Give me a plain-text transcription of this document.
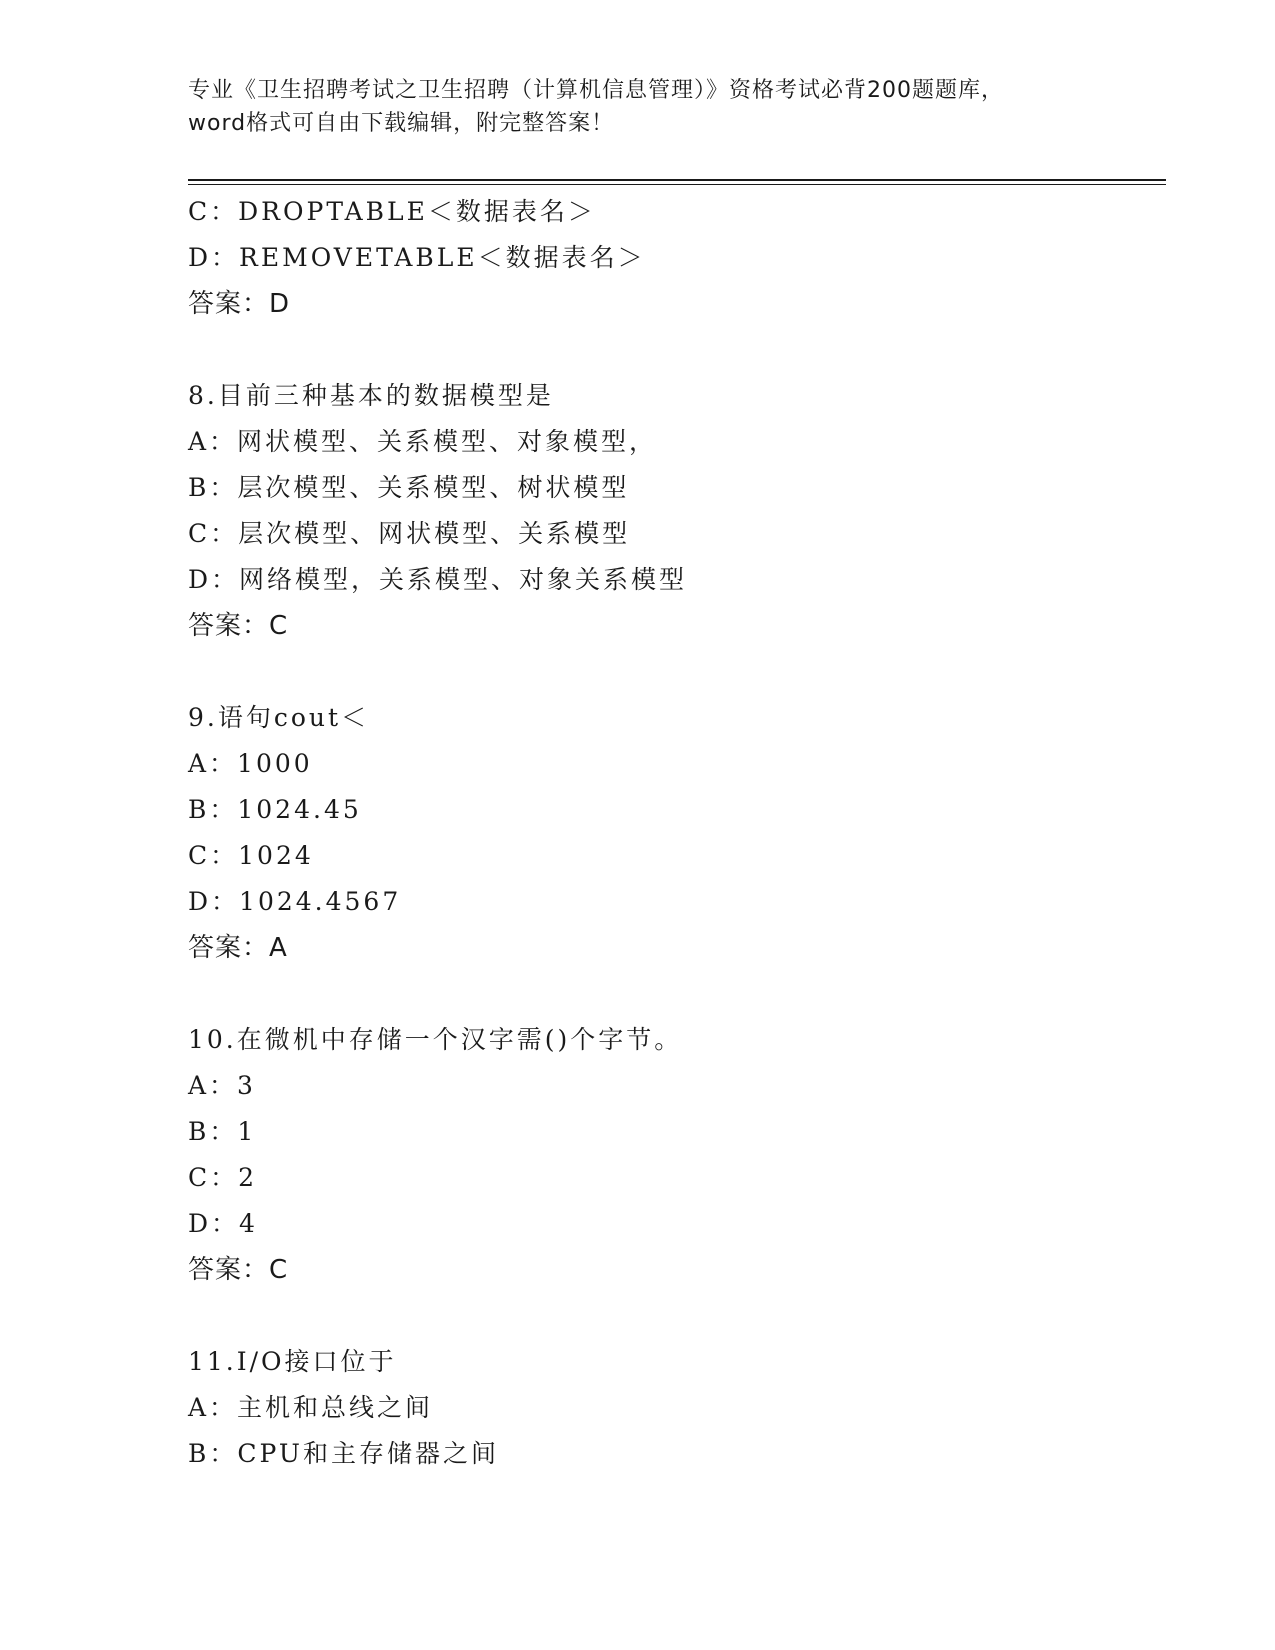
专业《卫生招聘考试之卫生招聘（计算机信息管理）》资格考试必背200题题库，
word格式可自由下载编辑，附完整答案！
C：DROPTABLE＜数据表名＞
D：REMOVETABLE＜数据表名＞
答案：D
8.目前三种基本的数据模型是
A：网状模型、关系模型、对象模型，
B：层次模型、关系模型、树状模型
C：层次模型、网状模型、关系模型
D：网络模型，关系模型、对象关系模型
答案：C
9.语句cout＜
A：1000
B：1024.45
C：1024
D：1024.4567
答案：A
10.在微机中存储一个汉字需()个字节。
A：3
B：1
C：2
D：4
答案：C
11.I/O接口位于
A：主机和总线之间
B：CPU和主存储器之间
